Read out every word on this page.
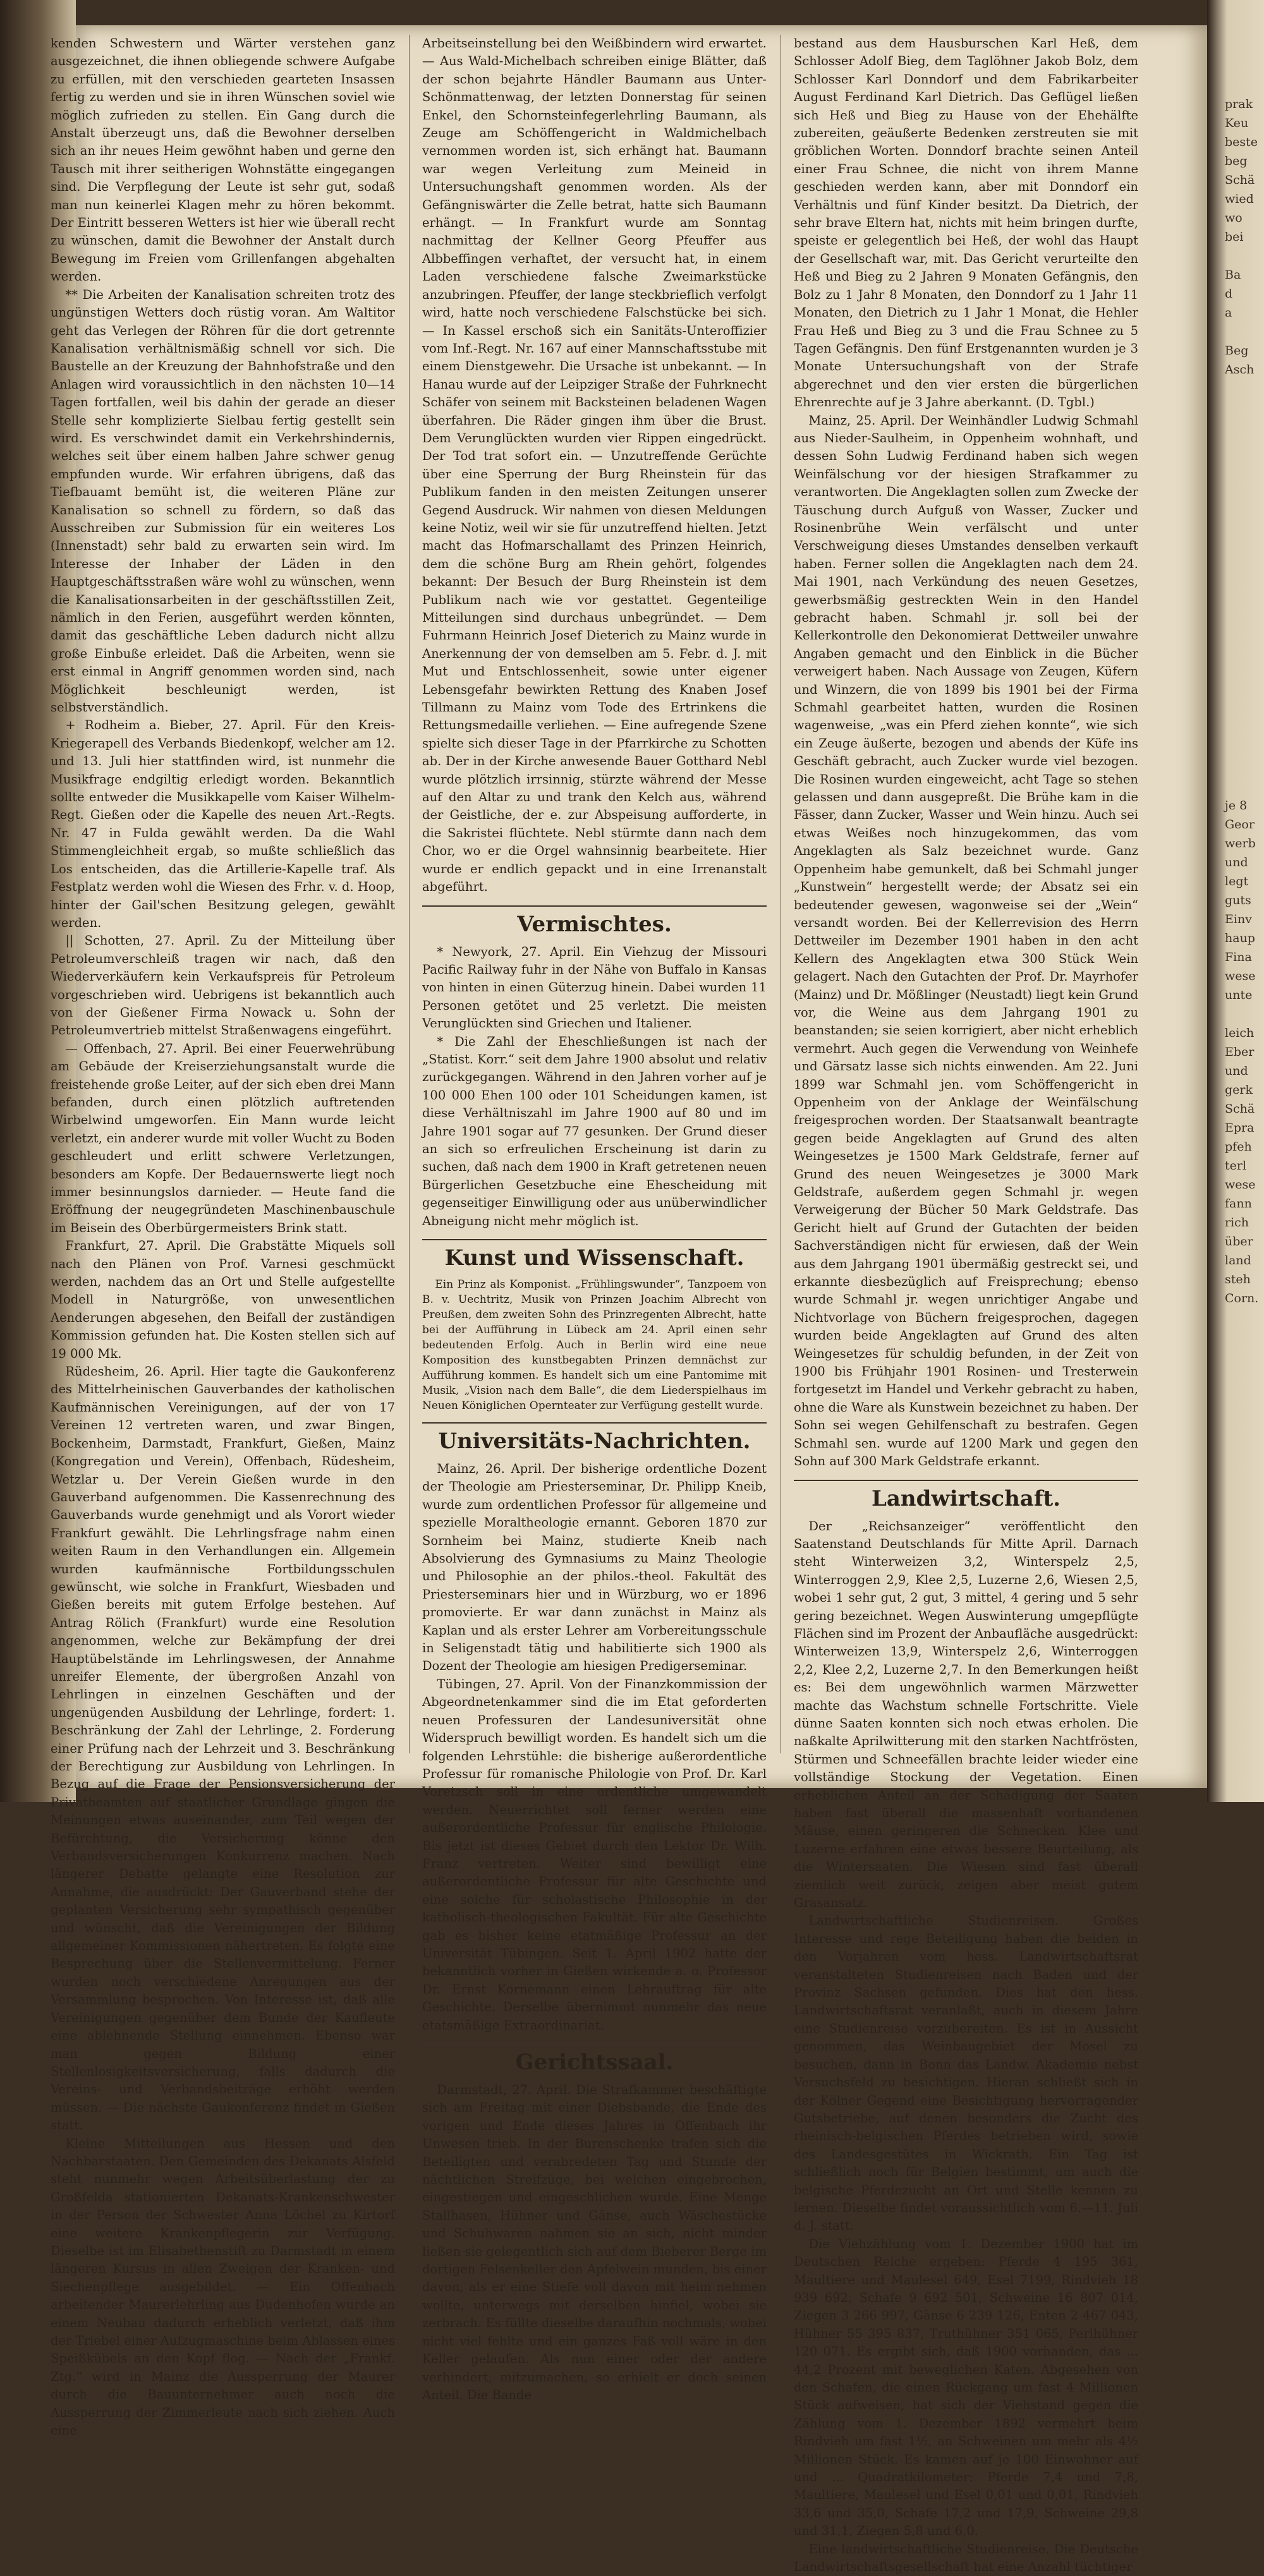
prak
Keu
beste
beg
Schä
wied
wo
bei

Ba
d
a

Beg
Asch

je 8
Geor
werb
und
legt
guts
Einv
haup
Fina
wese
unte

leich
Eber
und
gerk
Schä
Epra
pfeh
terl
wese
fann
rich
über
land
steh
Corn.

kenden Schwestern und Wärter verstehen ganz ausgezeichnet, die ihnen obliegende schwere Aufgabe zu erfüllen, mit den verschieden gearteten Insassen fertig zu werden und sie in ihren Wünschen soviel wie möglich zufrieden zu stellen. Ein Gang durch die Anstalt überzeugt uns, daß die Bewohner derselben sich an ihr neues Heim gewöhnt haben und gerne den Tausch mit ihrer seitherigen Wohnstätte eingegangen sind. Die Verpflegung der Leute ist sehr gut, sodaß man nun keinerlei Klagen mehr zu hören bekommt. Der Eintritt besseren Wetters ist hier wie überall recht zu wünschen, damit die Bewohner der Anstalt durch Bewegung im Freien vom Grillenfangen abgehalten werden.

** Die Arbeiten der Kanalisation schreiten trotz des ungünstigen Wetters doch rüstig voran. Am Waltitor geht das Verlegen der Röhren für die dort getrennte Kanalisation verhältnismäßig schnell vor sich. Die Baustelle an der Kreuzung der Bahnhofstraße und den Anlagen wird voraussichtlich in den nächsten 10—14 Tagen fortfallen, weil bis dahin der gerade an dieser Stelle sehr komplizierte Sielbau fertig gestellt sein wird. Es verschwindet damit ein Verkehrshindernis, welches seit über einem halben Jahre schwer genug empfunden wurde. Wir erfahren übrigens, daß das Tiefbauamt bemüht ist, die weiteren Pläne zur Kanalisation so schnell zu fördern, so daß das Ausschreiben zur Submission für ein weiteres Los (Innenstadt) sehr bald zu erwarten sein wird. Im Interesse der Inhaber der Läden in den Hauptgeschäftsstraßen wäre wohl zu wünschen, wenn die Kanalisationsarbeiten in der geschäftsstillen Zeit, nämlich in den Ferien, ausgeführt werden könnten, damit das geschäftliche Leben dadurch nicht allzu große Einbuße erleidet. Daß die Arbeiten, wenn sie erst einmal in Angriff genommen worden sind, nach Möglichkeit beschleunigt werden, ist selbstverständlich.

+ Rodheim a. Bieber, 27. April. Für den Kreis-Kriegerapell des Verbands Biedenkopf, welcher am 12. und 13. Juli hier stattfinden wird, ist nunmehr die Musikfrage endgiltig erledigt worden. Bekanntlich sollte entweder die Musikkapelle vom Kaiser Wilhelm-Regt. Gießen oder die Kapelle des neuen Art.-Regts. Nr. 47 in Fulda gewählt werden. Da die Wahl Stimmengleichheit ergab, so mußte schließlich das Los entscheiden, das die Artillerie-Kapelle traf. Als Festplatz werden wohl die Wiesen des Frhr. v. d. Hoop, hinter der Gail'schen Besitzung gelegen, gewählt werden.

|| Schotten, 27. April. Zu der Mitteilung über Petroleumverschleiß tragen wir nach, daß den Wiederverkäufern kein Verkaufspreis für Petroleum vorgeschrieben wird. Uebrigens ist bekanntlich auch von der Gießener Firma Nowack u. Sohn der Petroleumvertrieb mittelst Straßenwagens eingeführt.

— Offenbach, 27. April. Bei einer Feuerwehrübung am Gebäude der Kreiserziehungsanstalt wurde die freistehende große Leiter, auf der sich eben drei Mann befanden, durch einen plötzlich auftretenden Wirbelwind umgeworfen. Ein Mann wurde leicht verletzt, ein anderer wurde mit voller Wucht zu Boden geschleudert und erlitt schwere Verletzungen, besonders am Kopfe. Der Bedauernswerte liegt noch immer besinnungslos darnieder. — Heute fand die Eröffnung der neugegründeten Maschinenbauschule im Beisein des Oberbürgermeisters Brink statt.

Frankfurt, 27. April. Die Grabstätte Miquels soll nach den Plänen von Prof. Varnesi geschmückt werden, nachdem das an Ort und Stelle aufgestellte Modell in Naturgröße, von unwesentlichen Aenderungen abgesehen, den Beifall der zuständigen Kommission gefunden hat. Die Kosten stellen sich auf 19 000 Mk.

Rüdesheim, 26. April. Hier tagte die Gaukonferenz des Mittelrheinischen Gauverbandes der katholischen Kaufmännischen Vereinigungen, auf der von 17 Vereinen 12 vertreten waren, und zwar Bingen, Bockenheim, Darmstadt, Frankfurt, Gießen, Mainz (Kongregation und Verein), Offenbach, Rüdesheim, Wetzlar u. Der Verein Gießen wurde in den Gauverband aufgenommen. Die Kassenrechnung des Gauverbands wurde genehmigt und als Vorort wieder Frankfurt gewählt. Die Lehrlingsfrage nahm einen weiten Raum in den Verhandlungen ein. Allgemein wurden kaufmännische Fortbildungsschulen gewünscht, wie solche in Frankfurt, Wiesbaden und Gießen bereits mit gutem Erfolge bestehen. Auf Antrag Rölich (Frankfurt) wurde eine Resolution angenommen, welche zur Bekämpfung der drei Hauptübelstände im Lehrlingswesen, der Annahme unreifer Elemente, der übergroßen Anzahl von Lehrlingen in einzelnen Geschäften und der ungenügenden Ausbildung der Lehrlinge, fordert: 1. Beschränkung der Zahl der Lehrlinge, 2. Forderung einer Prüfung nach der Lehrzeit und 3. Beschränkung der Berechtigung zur Ausbildung von Lehrlingen. In Bezug auf die Frage der Pensionsversicherung der Privatbeamten auf staatlicher Grundlage gingen die Meinungen etwas auseinander, zum Teil wegen der Befürchtung, die Versicherung könne den Verbandsversicherungen Konkurrenz machen. Nach längerer Debatte gelangte eine Resolution zur Annahme, die ausdrückt: Der Gauverband stehe der geplanten Versicherung sehr sympathisch gegenüber und wünscht, daß die Vereinigungen der Bildung allgemeiner Kommissionen nähertreten. Es folgte eine Besprechung über die Stellenvermittelung. Ferner wurden noch verschiedene Anregungen aus der Versammlung besprochen. Von Interesse ist, daß alle Vereinigungen gegenüber dem Bunde der Kaufleute eine ablehnende Stellung einnehmen. Ebenso war man gegen Bildung einer Stellenlosigkeitsversicherung, falls dadurch die Vereins- und Verbandsbeiträge erhöht werden müssen. — Die nächste Gaukonferenz findet in Gießen statt.

Kleine Mitteilungen aus Hessen und den Nachbarstaaten. Den Gemeinden des Dekanats Alsfeld steht nunmehr wegen Arbeitsüberlastung der zu Großfelda stationierten Dekanats-Krankenschwester in der Person der Schwester Anna Löchel zu Kirtorf eine weitere Krankenpflegerin zur Verfügung. Dieselbe ist im Elisabethenstift zu Darmstadt in einem längeren Kursus in allen Zweigen der Kranken- und Siechenpflege ausgebildet. — Ein Offenbach arbeitender Maurerlehrling aus Dudenhofen wurde an einem Neubau dadurch erheblich verletzt, daß ihm der Triebel einer Aufzugmaschine beim Ablassen eines Speißkübels an den Kopf flog. — Nach der „Frankf. Ztg.“ wird in Mainz die Aussperrung der Maurer durch die Bauunternehmer auch noch die Aussperrung der Zimmerleute nach sich ziehen. Auch eine

Arbeitseinstellung bei den Weißbindern wird erwartet. — Aus Wald-Michelbach schreiben einige Blätter, daß der schon bejahrte Händler Baumann aus Unter-Schönmattenwag, der letzten Donnerstag für seinen Enkel, den Schornsteinfegerlehrling Baumann, als Zeuge am Schöffengericht in Waldmichelbach vernommen worden ist, sich erhängt hat. Baumann war wegen Verleitung zum Meineid in Untersuchungshaft genommen worden. Als der Gefängniswärter die Zelle betrat, hatte sich Baumann erhängt. — In Frankfurt wurde am Sonntag nachmittag der Kellner Georg Pfeuffer aus Albbeffingen verhaftet, der versucht hat, in einem Laden verschiedene falsche Zweimarkstücke anzubringen. Pfeuffer, der lange steckbrieflich verfolgt wird, hatte noch verschiedene Falschstücke bei sich. — In Kassel erschoß sich ein Sanitäts-Unteroffizier vom Inf.-Regt. Nr. 167 auf einer Mannschaftsstube mit einem Dienstgewehr. Die Ursache ist unbekannt. — In Hanau wurde auf der Leipziger Straße der Fuhrknecht Schäfer von seinem mit Backsteinen beladenen Wagen überfahren. Die Räder gingen ihm über die Brust. Dem Verunglückten wurden vier Rippen eingedrückt. Der Tod trat sofort ein. — Unzutreffende Gerüchte über eine Sperrung der Burg Rheinstein für das Publikum fanden in den meisten Zeitungen unserer Gegend Ausdruck. Wir nahmen von diesen Meldungen keine Notiz, weil wir sie für unzutreffend hielten. Jetzt macht das Hofmarschallamt des Prinzen Heinrich, dem die schöne Burg am Rhein gehört, folgendes bekannt: Der Besuch der Burg Rheinstein ist dem Publikum nach wie vor gestattet. Gegenteilige Mitteilungen sind durchaus unbegründet. — Dem Fuhrmann Heinrich Josef Dieterich zu Mainz wurde in Anerkennung der von demselben am 5. Febr. d. J. mit Mut und Entschlossenheit, sowie unter eigener Lebensgefahr bewirkten Rettung des Knaben Josef Tillmann zu Mainz vom Tode des Ertrinkens die Rettungsmedaille verliehen. — Eine aufregende Szene spielte sich dieser Tage in der Pfarrkirche zu Schotten ab. Der in der Kirche anwesende Bauer Gotthard Nebl wurde plötzlich irrsinnig, stürzte während der Messe auf den Altar zu und trank den Kelch aus, während der Geistliche, der e. zur Abspeisung aufforderte, in die Sakristei flüchtete. Nebl stürmte dann nach dem Chor, wo er die Orgel wahnsinnig bearbeitete. Hier wurde er endlich gepackt und in eine Irrenanstalt abgeführt.

Vermischtes.

* Newyork, 27. April. Ein Viehzug der Missouri Pacific Railway fuhr in der Nähe von Buffalo in Kansas von hinten in einen Güterzug hinein. Dabei wurden 11 Personen getötet und 25 verletzt. Die meisten Verunglückten sind Griechen und Italiener.

* Die Zahl der Eheschließungen ist nach der „Statist. Korr.“ seit dem Jahre 1900 absolut und relativ zurückgegangen. Während in den Jahren vorher auf je 100 000 Ehen 100 oder 101 Scheidungen kamen, ist diese Verhältniszahl im Jahre 1900 auf 80 und im Jahre 1901 sogar auf 77 gesunken. Der Grund dieser an sich so erfreulichen Erscheinung ist darin zu suchen, daß nach dem 1900 in Kraft getretenen neuen Bürgerlichen Gesetzbuche eine Ehescheidung mit gegenseitiger Einwilligung oder aus unüberwindlicher Abneigung nicht mehr möglich ist.

Kunst und Wissenschaft.

Ein Prinz als Komponist. „Frühlingswunder“, Tanzpoem von B. v. Uechtritz, Musik von Prinzen Joachim Albrecht von Preußen, dem zweiten Sohn des Prinzregenten Albrecht, hatte bei der Aufführung in Lübeck am 24. April einen sehr bedeutenden Erfolg. Auch in Berlin wird eine neue Komposition des kunstbegabten Prinzen demnächst zur Aufführung kommen. Es handelt sich um eine Pantomime mit Musik, „Vision nach dem Balle“, die dem Liederspielhaus im Neuen Königlichen Opernteater zur Verfügung gestellt wurde.

Universitäts-Nachrichten.

Mainz, 26. April. Der bisherige ordentliche Dozent der Theologie am Priesterseminar, Dr. Philipp Kneib, wurde zum ordentlichen Professor für allgemeine und spezielle Moraltheologie ernannt. Geboren 1870 zur Sornheim bei Mainz, studierte Kneib nach Absolvierung des Gymnasiums zu Mainz Theologie und Philosophie an der philos.-theol. Fakultät des Priesterseminars hier und in Würzburg, wo er 1896 promovierte. Er war dann zunächst in Mainz als Kaplan und als erster Lehrer am Vorbereitungsschule in Seligenstadt tätig und habilitierte sich 1900 als Dozent der Theologie am hiesigen Predigerseminar.

Tübingen, 27. April. Von der Finanzkommission der Abgeordnetenkammer sind die im Etat geforderten neuen Professuren der Landesuniversität ohne Widerspruch bewilligt worden. Es handelt sich um die folgenden Lehrstühle: die bisherige außerordentliche Professur für romanische Philologie von Prof. Dr. Karl Voretzsch soll in eine ordentliche umgewandelt werden. Neuerrichtet soll ferner werden eine außerordentliche Professur für englische Philologie. Bis jetzt ist dieses Gebiet durch den Lektor Dr. Wilh. Franz vertreten. Weiter sind bewilligt eine außerordentliche Professur für alte Geschichte und eine solche für scholastische Philosophie in der katholisch-theologischen Fakultät. Für alte Geschichte gab es bisher keine etatmäßige Professur an der Universität Tübingen. Seit 1. April 1902 hatte der bekanntlich vorher in Gießen wirkende a. o. Professor Dr. Ernst Kornemann einen Lehrauftrag für alte Geschichte. Derselbe übernimmt nunmehr das neue etatsmäßige Extraordinariat.

Gerichtssaal.

Darmstadt, 27. April. Die Strafkammer beschäftigte sich am Freitag mit einer Diebsbande, die Ende des vorigen und Ende dieses Jahres in Offenbach ihr Unwesen trieb. In der Burenschenke trafen sich die Beteiligten und verabredeten Tag und Stunde der nächtlichen Streifzüge, bei welchen eingebrochen, eingestiegen und eingeschlichen wurde. Eine Menge Stallhasen, Hühner und Gänse, auch Wäschestücke und Schuhwaren nahmen sie an sich, nicht minder ließen sie gelegentlich sich auf dem Bieberer Berge im dortigen Felsenkeller den Apfelwein munden, bis einer davon, als er eine Stiefe voll davon mit heim nehmen wollte, unterwegs mit derselben hinfiel, wobei sie zerbrach. Es füllte dieselbe daraufhin nochmals, wobei nicht viel fehlte und ein ganzes Faß voll wäre in den Keller gelaufen. Als nun einer oder der andere verhindert, mitzumachen, so erhielt er doch seinen Anteil. Die Bande

bestand aus dem Hausburschen Karl Heß, dem Schlosser Adolf Bieg, dem Taglöhner Jakob Bolz, dem Schlosser Karl Donndorf und dem Fabrikarbeiter August Ferdinand Karl Dietrich. Das Geflügel ließen sich Heß und Bieg zu Hause von der Ehehälfte zubereiten, geäußerte Bedenken zerstreuten sie mit gröblichen Worten. Donndorf brachte seinen Anteil einer Frau Schnee, die nicht von ihrem Manne geschieden werden kann, aber mit Donndorf ein Verhältnis und fünf Kinder besitzt. Da Dietrich, der sehr brave Eltern hat, nichts mit heim bringen durfte, speiste er gelegentlich bei Heß, der wohl das Haupt der Gesellschaft war, mit. Das Gericht verurteilte den Heß und Bieg zu 2 Jahren 9 Monaten Gefängnis, den Bolz zu 1 Jahr 8 Monaten, den Donndorf zu 1 Jahr 11 Monaten, den Dietrich zu 1 Jahr 1 Monat, die Hehler Frau Heß und Bieg zu 3 und die Frau Schnee zu 5 Tagen Gefängnis. Den fünf Erstgenannten wurden je 3 Monate Untersuchungshaft von der Strafe abgerechnet und den vier ersten die bürgerlichen Ehrenrechte auf je 3 Jahre aberkannt. (D. Tgbl.)

Mainz, 25. April. Der Weinhändler Ludwig Schmahl aus Nieder-Saulheim, in Oppenheim wohnhaft, und dessen Sohn Ludwig Ferdinand haben sich wegen Weinfälschung vor der hiesigen Strafkammer zu verantworten. Die Angeklagten sollen zum Zwecke der Täuschung durch Aufguß von Wasser, Zucker und Rosinenbrühe Wein verfälscht und unter Verschweigung dieses Umstandes denselben verkauft haben. Ferner sollen die Angeklagten nach dem 24. Mai 1901, nach Verkündung des neuen Gesetzes, gewerbsmäßig gestreckten Wein in den Handel gebracht haben. Schmahl jr. soll bei der Kellerkontrolle den Dekonomierat Dettweiler unwahre Angaben gemacht und den Einblick in die Bücher verweigert haben. Nach Aussage von Zeugen, Küfern und Winzern, die von 1899 bis 1901 bei der Firma Schmahl gearbeitet hatten, wurden die Rosinen wagenweise, „was ein Pferd ziehen konnte“, wie sich ein Zeuge äußerte, bezogen und abends der Küfe ins Geschäft gebracht, auch Zucker wurde viel bezogen. Die Rosinen wurden eingeweicht, acht Tage so stehen gelassen und dann ausgepreßt. Die Brühe kam in die Fässer, dann Zucker, Wasser und Wein hinzu. Auch sei etwas Weißes noch hinzugekommen, das vom Angeklagten als Salz bezeichnet wurde. Ganz Oppenheim habe gemunkelt, daß bei Schmahl junger „Kunstwein“ hergestellt werde; der Absatz sei ein bedeutender gewesen, wagonweise sei der „Wein“ versandt worden. Bei der Kellerrevision des Herrn Dettweiler im Dezember 1901 haben in den acht Kellern des Angeklagten etwa 300 Stück Wein gelagert. Nach den Gutachten der Prof. Dr. Mayrhofer (Mainz) und Dr. Mößlinger (Neustadt) liegt kein Grund vor, die Weine aus dem Jahrgang 1901 zu beanstanden; sie seien korrigiert, aber nicht erheblich vermehrt. Auch gegen die Verwendung von Weinhefe und Gärsatz lasse sich nichts einwenden. Am 22. Juni 1899 war Schmahl jen. vom Schöffengericht in Oppenheim von der Anklage der Weinfälschung freigesprochen worden. Der Staatsanwalt beantragte gegen beide Angeklagten auf Grund des alten Weingesetzes je 1500 Mark Geldstrafe, ferner auf Grund des neuen Weingesetzes je 3000 Mark Geldstrafe, außerdem gegen Schmahl jr. wegen Verweigerung der Bücher 50 Mark Geldstrafe. Das Gericht hielt auf Grund der Gutachten der beiden Sachverständigen nicht für erwiesen, daß der Wein aus dem Jahrgang 1901 übermäßig gestreckt sei, und erkannte diesbezüglich auf Freisprechung; ebenso wurde Schmahl jr. wegen unrichtiger Angabe und Nichtvorlage von Büchern freigesprochen, dagegen wurden beide Angeklagten auf Grund des alten Weingesetzes für schuldig befunden, in der Zeit von 1900 bis Frühjahr 1901 Rosinen- und Tresterwein fortgesetzt im Handel und Verkehr gebracht zu haben, ohne die Ware als Kunstwein bezeichnet zu haben. Der Sohn sei wegen Gehilfenschaft zu bestrafen. Gegen Schmahl sen. wurde auf 1200 Mark und gegen den Sohn auf 300 Mark Geldstrafe erkannt.

Landwirtschaft.

Der „Reichsanzeiger“ veröffentlicht den Saatenstand Deutschlands für Mitte April. Darnach steht Winterweizen 3,2, Winterspelz 2,5, Winterroggen 2,9, Klee 2,5, Luzerne 2,6, Wiesen 2,5, wobei 1 sehr gut, 2 gut, 3 mittel, 4 gering und 5 sehr gering bezeichnet. Wegen Auswinterung umgepflügte Flächen sind im Prozent der Anbaufläche ausgedrückt: Winterweizen 13,9, Winterspelz 2,6, Winterroggen 2,2, Klee 2,2, Luzerne 2,7. In den Bemerkungen heißt es: Bei dem ungewöhnlich warmen Märzwetter machte das Wachstum schnelle Fortschritte. Viele dünne Saaten konnten sich noch etwas erholen. Die naßkalte Aprilwitterung mit den starken Nachtfrösten, Stürmen und Schneefällen brachte leider wieder eine vollständige Stockung der Vegetation. Einen erheblichen Anteil an der Schädigung der Saaten haben fast überall die massenhaft vorhandenen Mäuse, einen geringeren die Schnecken. Klee und Luzerne erfahren eine etwas bessere Beurteilung, als die Wintersaaten. Die Wiesen sind fast überall ziemlich weit zurück, zeigen aber meist gutem Grasansatz.

Landwirtschaftliche Studienreisen. Großes Interesse und rege Beteiligung haben die beiden in den Vorjahren vom hess. Landwirtschaftsrat veranstalteten Studienreisen nach Baden und der Provinz Sachsen gefunden. Dies hat den hess. Landwirtschaftsrat veranlaßt, auch in diesem Jahre eine Studienreise vorzubereiten. Es ist in Aussicht genommen, das Weinbaugebiet der Mosel zu besuchen, dann in Bonn das Landw. Akademie nebst Versuchsfeld zu besichtigen. Hieran schließt sich in der Kölner Gegend eine Besichtigung hervorragender Gutsbetriebe, auf denen besonders die Zucht des rheinisch-belgischen Pferdes betrieben wird, sowie des Landesgestütes in Wickrath. Ein Tag ist schließlich noch für Belgien bestimmt, um auch die belgische Pferdezucht an Ort und Stelle kennen zu lernen. Dieselbe findet voraussichtlich vom 6.—11. Juli d. J. statt.

Die Viehzählung vom 1. Dezember 1900 hat im Deutschen Reiche ergeben: Pferde 4 195 361, Maultiere und Maulesel 649, Esel 7199, Rindvieh 18 939 692, Schafe 9 692 501, Schweine 16 807 014, Ziegen 3 266 997, Gänse 6 239 126, Enten 2 467 043, Hühner 55 395 837, Truthühner 351 065, Perlhühner 120 071. Es ergibt sich, daß 1900 vorhanden, das ... 44,2 Prozent mit beweglichen Katen. Abgesehen von den Schafen, die einen Rückgang um fast 4 Millionen Stück aufweisen, hat sich der Viehstand gegen die Zählung vom 1. Dezember 1892 vermehrt beim Rindvieh um fast 1½, an Schweinen um mehr als 4½ Millionen Stück. Es kamen auf je 100 Einwohner auf und ... Quadratkilometer: Pferde 7,4 und 7,8, Maultiere, Maulesel und Esel 0,01 und 0,01, Rindvieh 33,6 und 35,0, Schafe 17,2 und 17,9, Schweine 29,8 und 31,1, Ziegen 5,8 und 6,0.

Eine landwirtschaftliche Studienreise. Die Deutsche Landwirtschaftsgesellschaft hat eine Anzahl tüchtiger
